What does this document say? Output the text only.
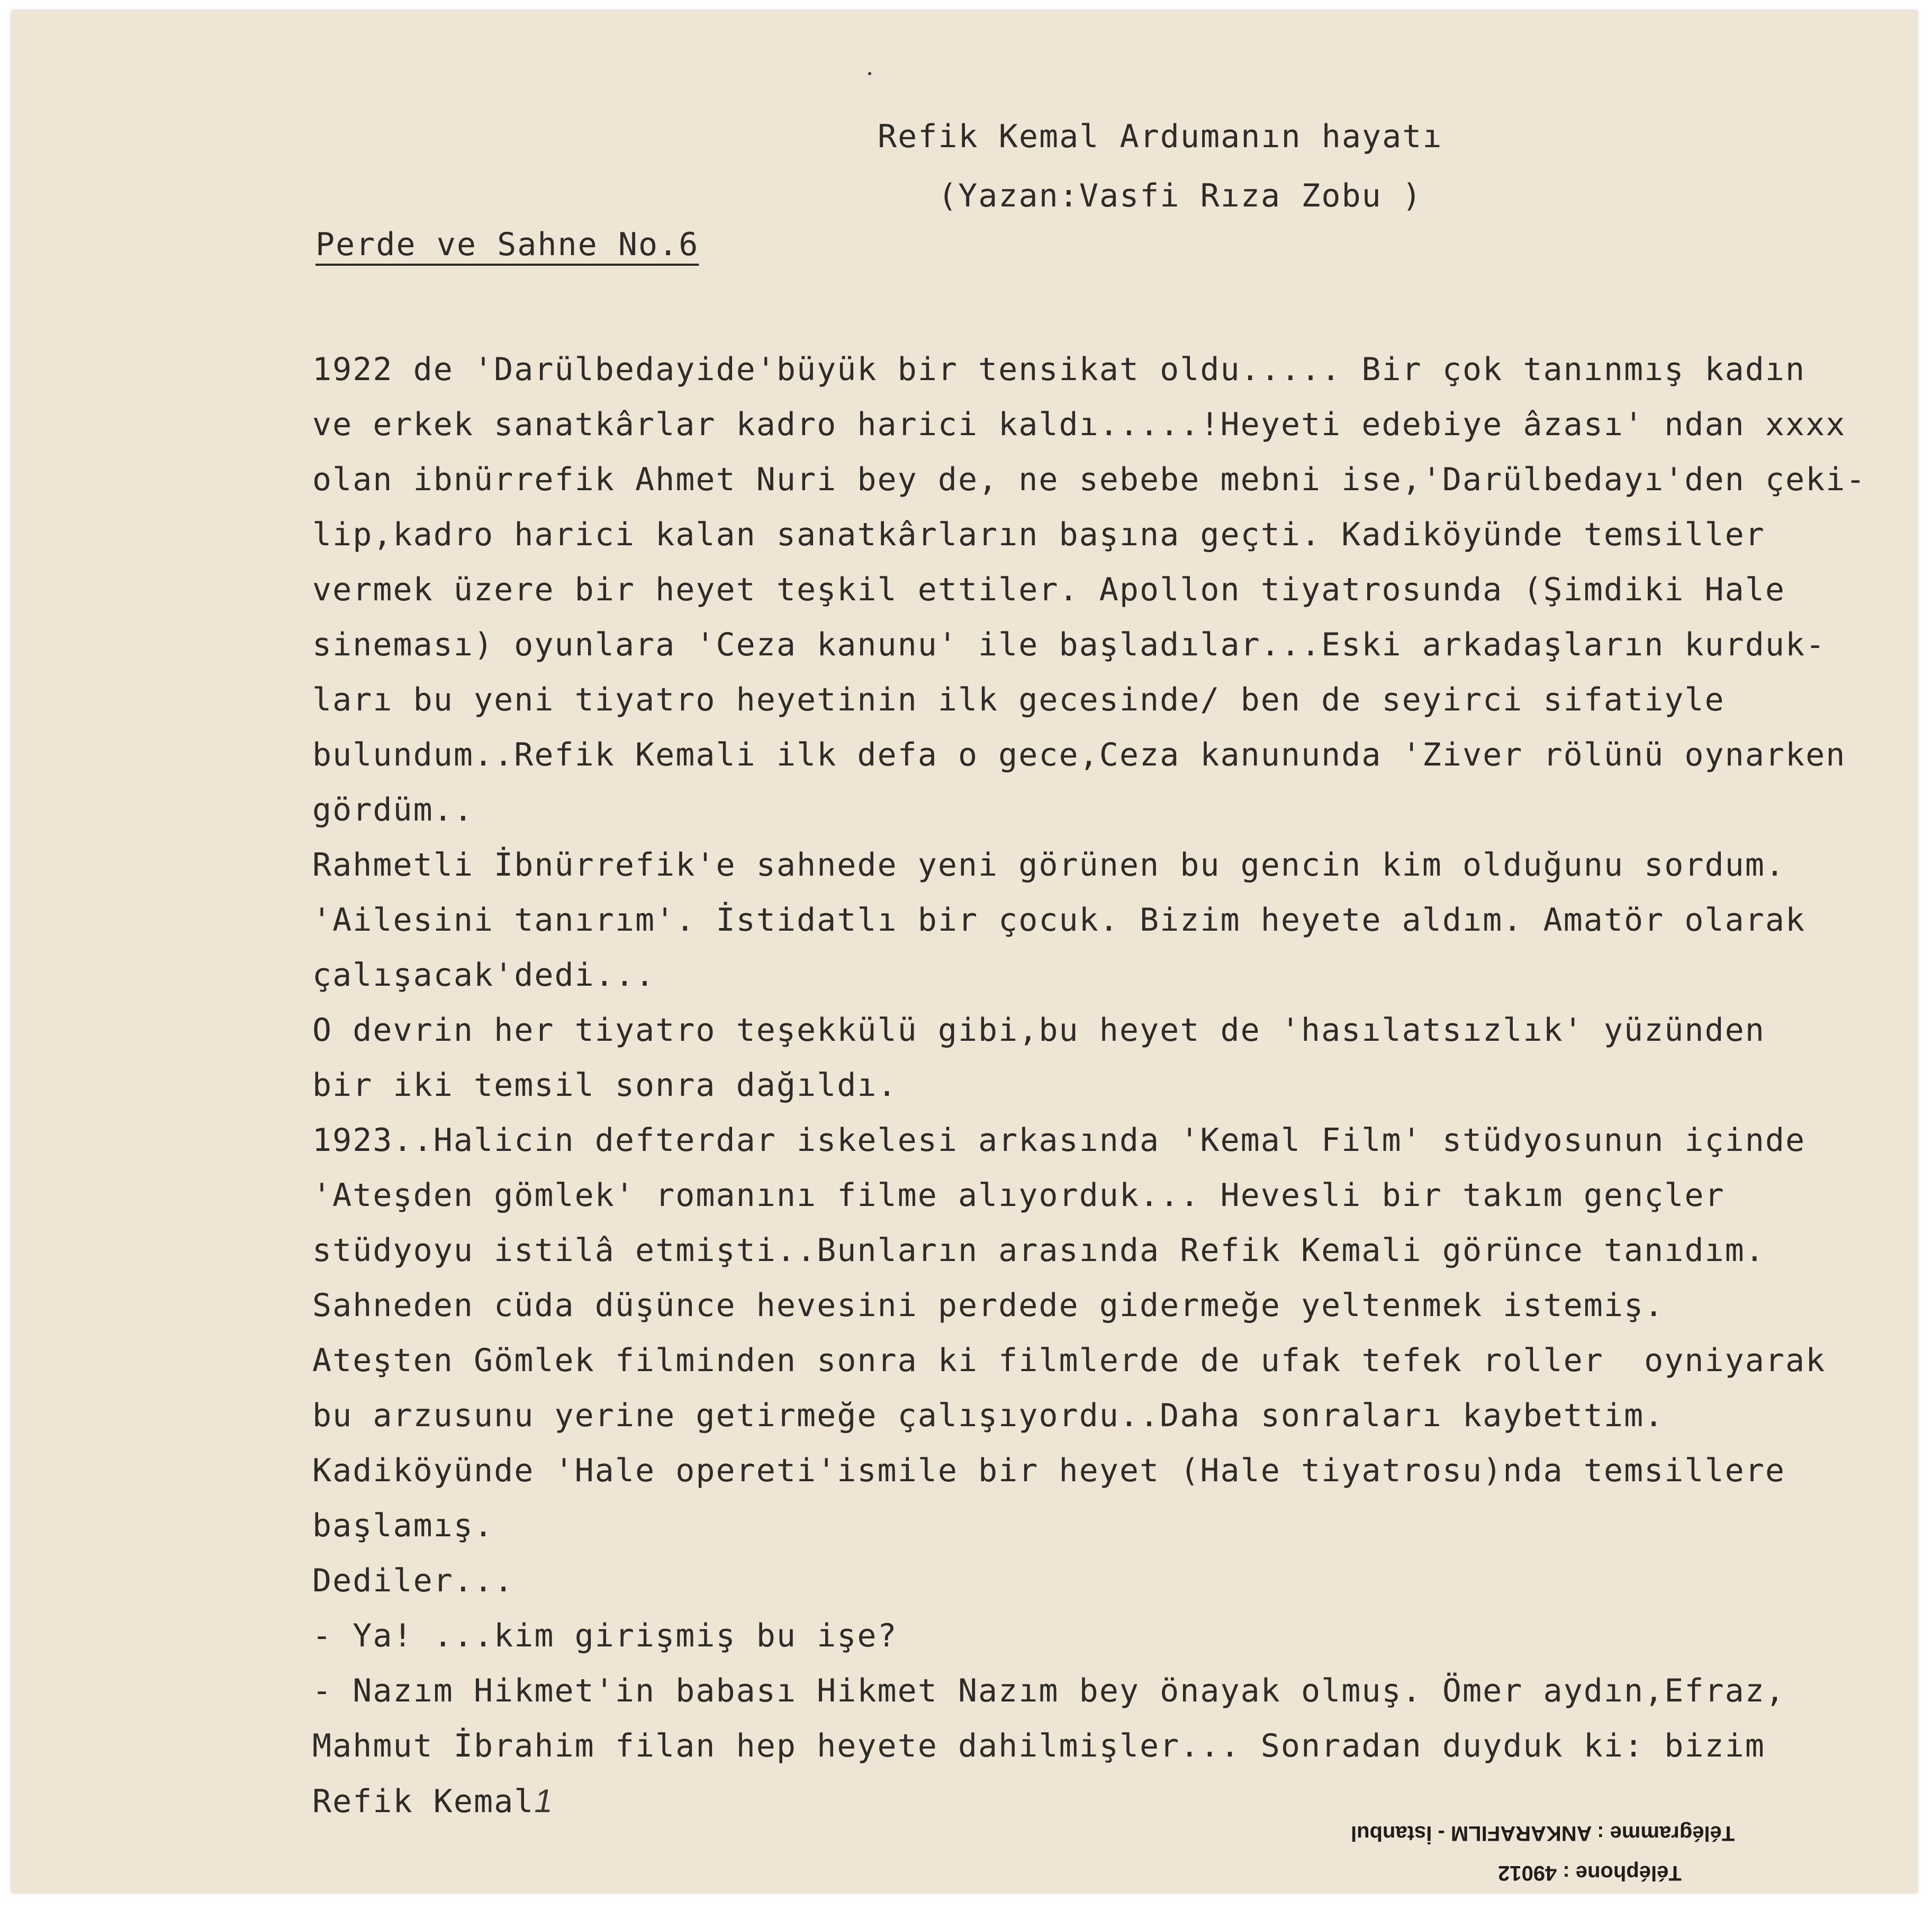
Refik Kemal Ardumanın hayatı
(Yazan:Vasfi Rıza Zobu )
Perde ve Sahne No.6
1922 de 'Darülbedayide'büyük bir tensikat oldu..... Bir çok tanınmış kadın
ve erkek sanatkârlar kadro harici kaldı.....!Heyeti edebiye âzası' ndan xxxx
olan ibnürrefik Ahmet Nuri bey de, ne sebebe mebni ise,'Darülbedayı'den çeki-
lip,kadro harici kalan sanatkârların başına geçti. Kadiköyünde temsiller
vermek üzere bir heyet teşkil ettiler. Apollon tiyatrosunda (Şimdiki Hale
sineması) oyunlara 'Ceza kanunu' ile başladılar...Eski arkadaşların kurduk-
ları bu yeni tiyatro heyetinin ilk gecesinde/ ben de seyirci sifatiyle
bulundum..Refik Kemali ilk defa o gece,Ceza kanununda 'Ziver rölünü oynarken
gördüm..
Rahmetli İbnürrefik'e sahnede yeni görünen bu gencin kim olduğunu sordum.
'Ailesini tanırım'. İstidatlı bir çocuk. Bizim heyete aldım. Amatör olarak
çalışacak'dedi...
O devrin her tiyatro teşekkülü gibi,bu heyet de 'hasılatsızlık' yüzünden
bir iki temsil sonra dağıldı.
1923..Halicin defterdar iskelesi arkasında 'Kemal Film' stüdyosunun içinde
'Ateşden gömlek' romanını filme alıyorduk... Hevesli bir takım gençler
stüdyoyu istilâ etmişti..Bunların arasında Refik Kemali görünce tanıdım.
Sahneden cüda düşünce hevesini perdede gidermeğe yeltenmek istemiş.
Ateşten Gömlek filminden sonra ki filmlerde de ufak tefek roller  oyniyarak
bu arzusunu yerine getirmeğe çalışıyordu..Daha sonraları kaybettim.
Kadiköyünde 'Hale opereti'ismile bir heyet (Hale tiyatrosu)nda temsillere
başlamış.
Dediler...
- Ya! ...kim girişmiş bu işe?
- Nazım Hikmet'in babası Hikmet Nazım bey önayak olmuş. Ömer aydın,Efraz,
Mahmut İbrahim filan hep heyete dahilmişler... Sonradan duyduk ki: bizim
Refik Kemal1
Télégramme : ANKARAFILM - İstanbul
Téléphone : 49012
